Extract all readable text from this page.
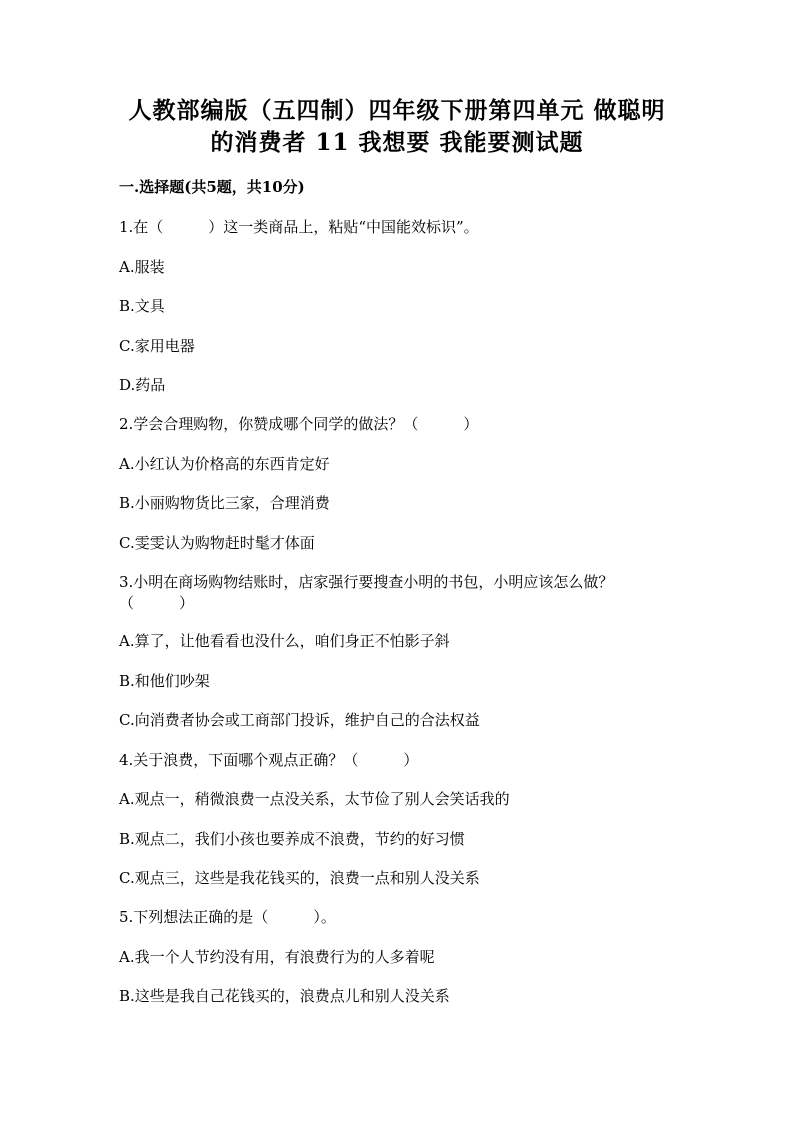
人教部编版（五四制）四年级下册第四单元 做聪明
的消费者 11 我想要 我能要测试题
一.选择题(共5题，共10分)
1.在（　　　）这一类商品上，粘贴“中国能效标识”。
A.服装
B.文具
C.家用电器
D.药品
2.学会合理购物，你赞成哪个同学的做法？（　　　）
A.小红认为价格高的东西肯定好
B.小丽购物货比三家，合理消费
C.雯雯认为购物赶时髦才体面
3.小明在商场购物结账时，店家强行要搜查小明的书包，小明应该怎么做？
（　　　）
A.算了，让他看看也没什么，咱们身正不怕影子斜
B.和他们吵架
C.向消费者协会或工商部门投诉，维护自己的合法权益
4.关于浪费，下面哪个观点正确？（　　　）
A.观点一，稍微浪费一点没关系，太节俭了别人会笑话我的
B.观点二，我们小孩也要养成不浪费，节约的好习惯
C.观点三，这些是我花钱买的，浪费一点和别人没关系
5.下列想法正确的是（　　　）。
A.我一个人节约没有用，有浪费行为的人多着呢
B.这些是我自己花钱买的，浪费点儿和别人没关系
